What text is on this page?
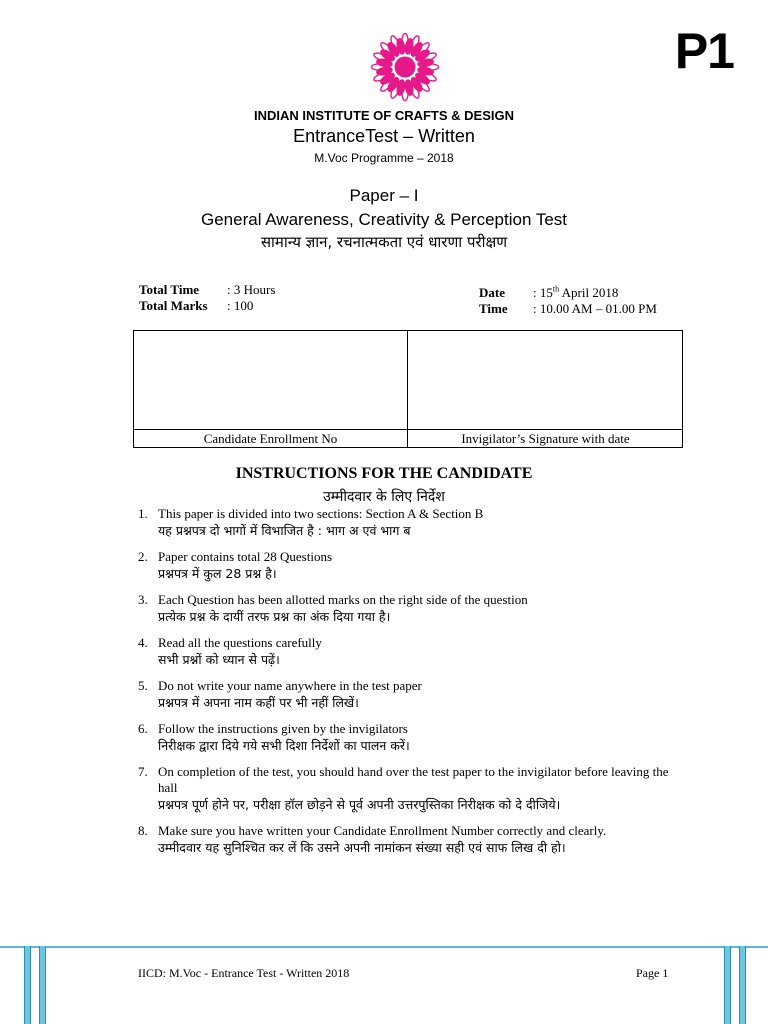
P1
INDIAN INSTITUTE OF CRAFTS & DESIGN
EntranceTest – Written
M.Voc Programme – 2018
Paper – I
General Awareness, Creativity & Perception Test
सामान्य ज्ञान, रचनात्मकता एवं धारणा परीक्षण
Total Time : 3 Hours
Total Marks : 100
Date : 15th April 2018
Time : 10.00 AM – 01.00 PM
Candidate Enrollment No	Invigilator’s Signature with date
INSTRUCTIONS FOR THE CANDIDATE
उम्मीदवार के लिए निर्देश
1. This paper is divided into two sections: Section A & Section B
यह प्रश्नपत्र दो भागों में विभाजित है : भाग अ एवं भाग ब
2. Paper contains total 28 Questions
प्रश्नपत्र में कुल 28 प्रश्न है।
3. Each Question has been allotted marks on the right side of the question
प्रत्येक प्रश्न के दायीं तरफ प्रश्न का अंक दिया गया है।
4. Read all the questions carefully
सभी प्रश्नों को ध्यान से पढ़ें।
5. Do not write your name anywhere in the test paper
प्रश्नपत्र में अपना नाम कहीं पर भी नहीं लिखें।
6. Follow the instructions given by the invigilators
निरीक्षक द्वारा दिये गये सभी दिशा निर्देशों का पालन करें।
7. On completion of the test, you should hand over the test paper to the invigilator before leaving the hall
प्रश्नपत्र पूर्ण होने पर, परीक्षा हॉल छोड़ने से पूर्व अपनी उत्तरपुस्तिका निरीक्षक को दे दीजिये।
8. Make sure you have written your Candidate Enrollment Number correctly and clearly.
उम्मीदवार यह सुनिश्चित कर लें कि उसने अपनी नामांकन संख्या सही एवं साफ लिख दी हो।
IICD: M.Voc - Entrance Test - Written 2018	Page 1
